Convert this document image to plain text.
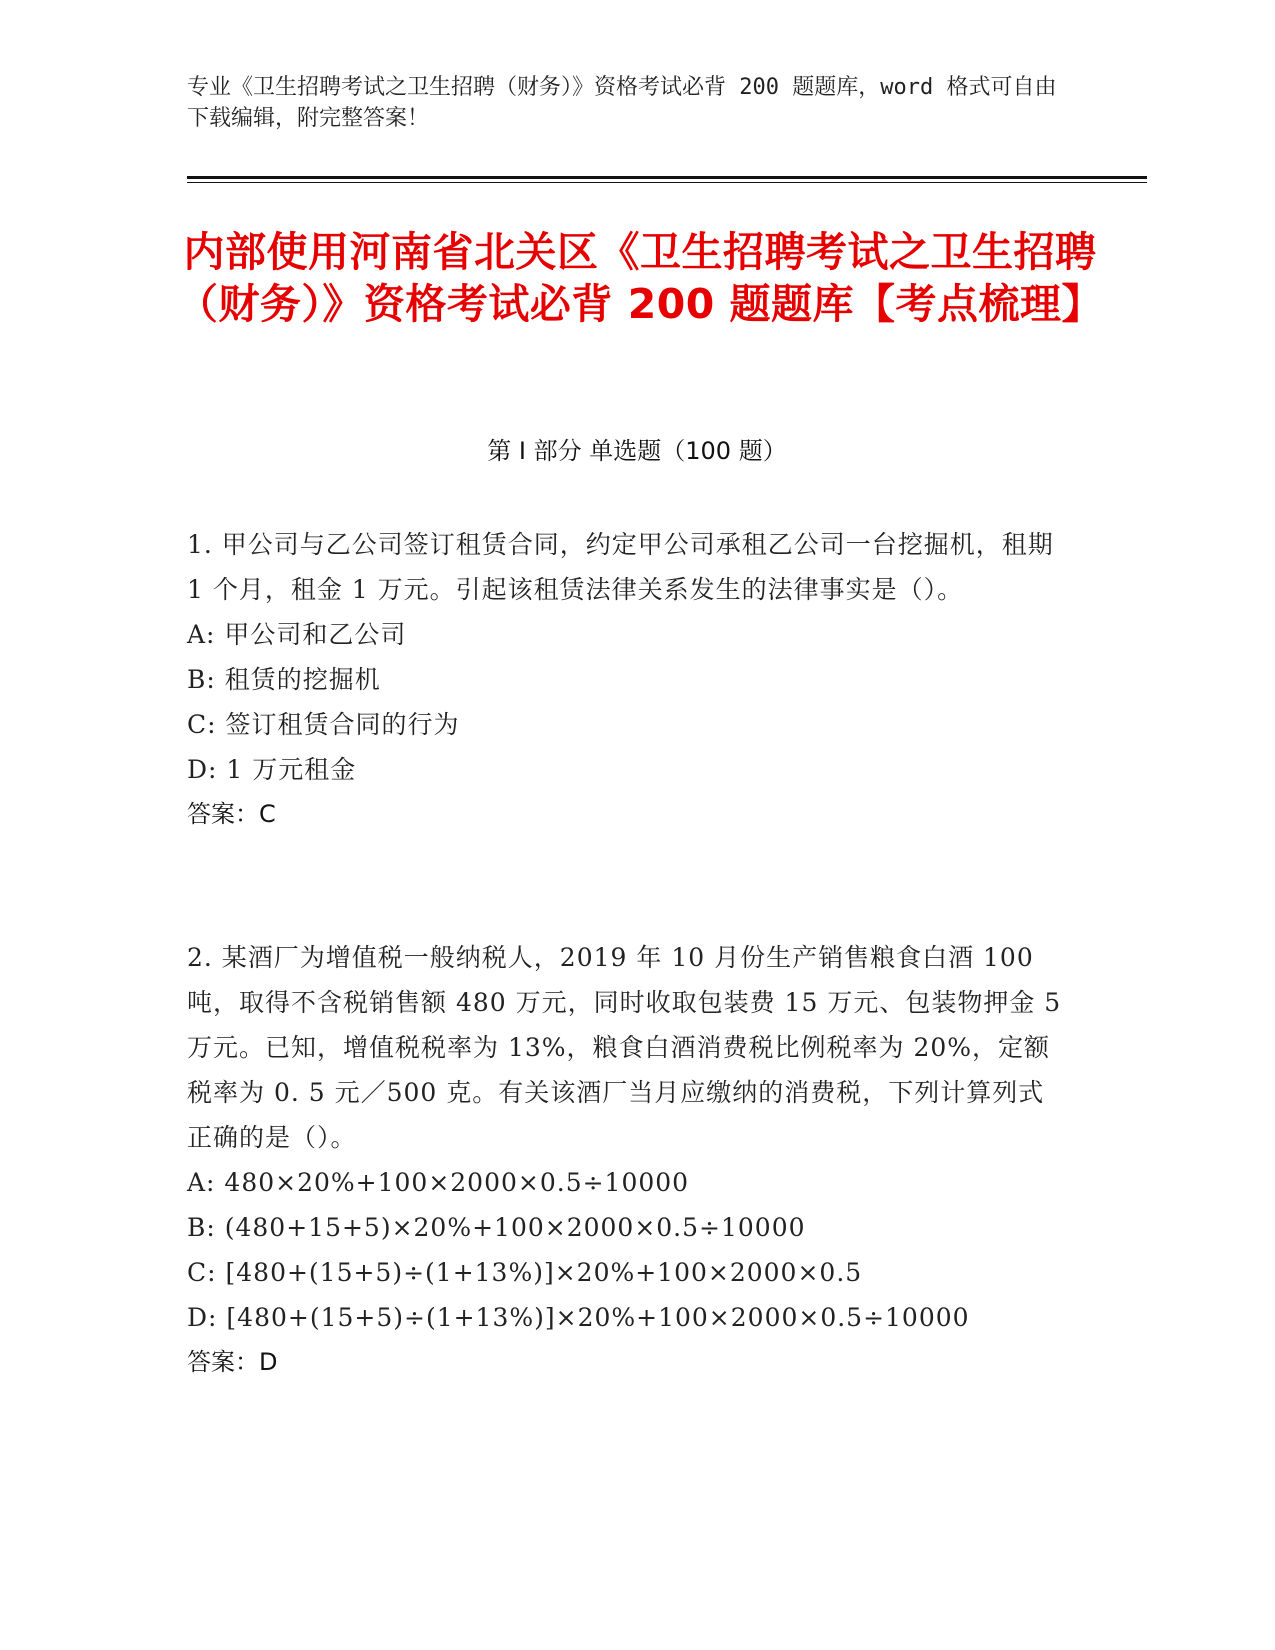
专业《卫生招聘考试之卫生招聘（财务）》资格考试必背 200 题题库，word 格式可自由下载编辑，附完整答案！
内部使用河南省北关区《卫生招聘考试之卫生招聘（财务）》资格考试必背 200 题题库【考点梳理】
第 I 部分 单选题（100 题）

1. 甲公司与乙公司签订租赁合同，约定甲公司承租乙公司一台挖掘机，租期 1 个月，租金 1 万元。引起该租赁法律关系发生的法律事实是（）。

A: 甲公司和乙公司

B: 租赁的挖掘机

C: 签订租赁合同的行为

D: 1 万元租金

答案：C

2. 某酒厂为增值税一般纳税人，2019 年 10 月份生产销售粮食白酒 100 吨，取得不含税销售额 480 万元，同时收取包装费 15 万元、包装物押金 5 万元。已知，增值税税率为 13%，粮食白酒消费税比例税率为 20%，定额税率为 0. 5 元／500 克。有关该酒厂当月应缴纳的消费税，下列计算列式正确的是（）。

A: 480×20%+100×2000×0.5÷10000

B: (480+15+5)×20%+100×2000×0.5÷10000

C: [480+(15+5)÷(1+13%)]×20%+100×2000×0.5

D: [480+(15+5)÷(1+13%)]×20%+100×2000×0.5÷10000

答案：D
